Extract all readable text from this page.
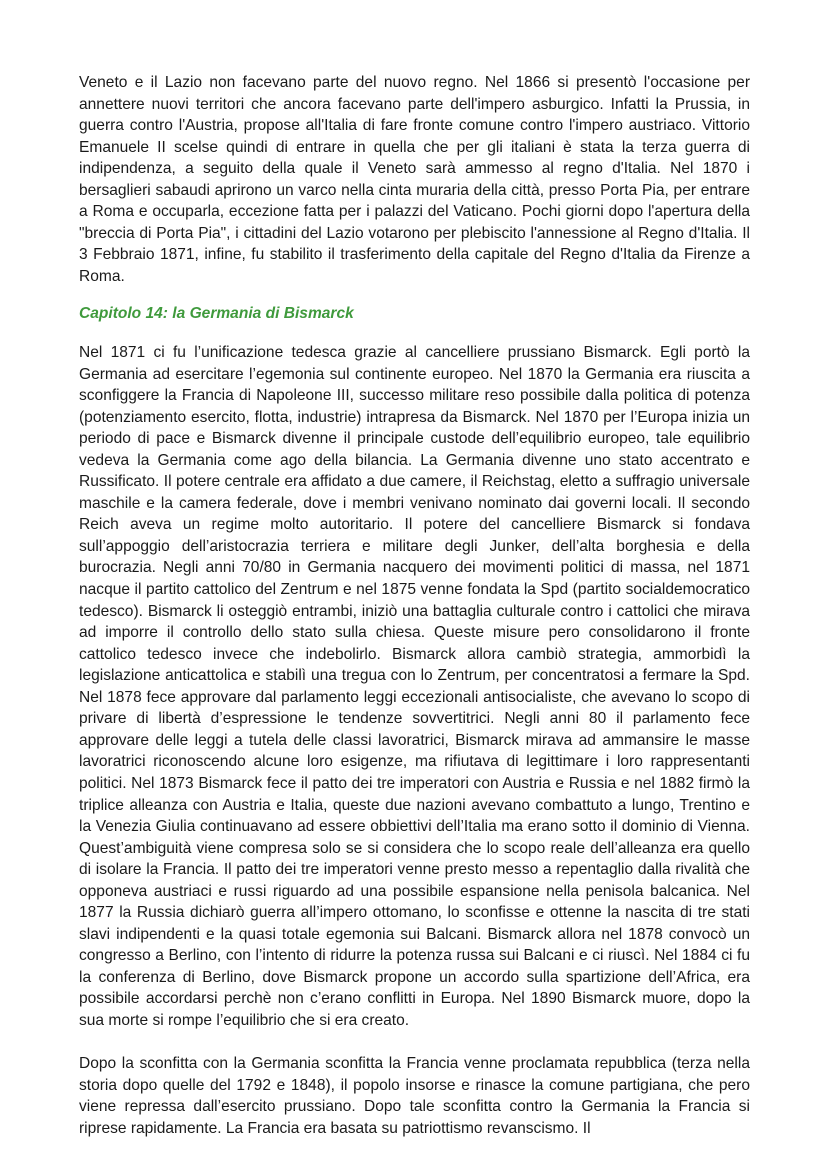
Veneto e il Lazio non facevano parte del nuovo regno. Nel 1866 si presentò l'occasione per annettere nuovi territori che ancora facevano parte dell'impero asburgico. Infatti la Prussia, in guerra contro l'Austria, propose all'Italia di fare fronte comune contro l'impero austriaco. Vittorio Emanuele II scelse quindi di entrare in quella che per gli italiani è stata la terza guerra di indipendenza, a seguito della quale il Veneto sarà ammesso al regno d'Italia. Nel 1870 i bersaglieri sabaudi aprirono un varco nella cinta muraria della città, presso Porta Pia, per entrare a Roma e occuparla, eccezione fatta per i palazzi del Vaticano. Pochi giorni dopo l'apertura della "breccia di Porta Pia", i cittadini del Lazio votarono per plebiscito l'annessione al Regno d'Italia. Il 3 Febbraio 1871, infine, fu stabilito il trasferimento della capitale del Regno d'Italia da Firenze a Roma.

Capitolo 14: la Germania di Bismarck

Nel 1871 ci fu l’unificazione tedesca grazie al cancelliere prussiano Bismarck. Egli portò la Germania ad esercitare l’egemonia sul continente europeo. Nel 1870 la Germania era riuscita a sconfiggere la Francia di Napoleone III, successo militare reso possibile dalla politica di potenza (potenziamento esercito, flotta, industrie) intrapresa da Bismarck. Nel 1870 per l’Europa inizia un periodo di pace e Bismarck divenne il principale custode dell’equilibrio europeo, tale equilibrio vedeva la Germania come ago della bilancia. La Germania divenne uno stato accentrato e Russificato. Il potere centrale era affidato a due camere, il Reichstag, eletto a suffragio universale maschile e la camera federale, dove i membri venivano nominato dai governi locali. Il secondo Reich aveva un regime molto autoritario. Il potere del cancelliere Bismarck si fondava sull’appoggio dell’aristocrazia terriera e militare degli Junker, dell’alta borghesia e della burocrazia. Negli anni 70/80 in Germania nacquero dei movimenti politici di massa, nel 1871 nacque il partito cattolico del Zentrum e nel 1875 venne fondata la Spd (partito socialdemocratico tedesco). Bismarck li osteggiò entrambi, iniziò una battaglia culturale contro i cattolici che mirava ad imporre il controllo dello stato sulla chiesa. Queste misure pero consolidarono il fronte cattolico tedesco invece che indebolirlo. Bismarck allora cambiò strategia, ammorbidì la legislazione anticattolica e stabilì una tregua con lo Zentrum, per concentratosi a fermare la Spd. Nel 1878 fece approvare dal parlamento leggi eccezionali antisocialiste, che avevano lo scopo di privare di libertà d’espressione le tendenze sovvertitrici. Negli anni 80 il parlamento fece approvare delle leggi a tutela delle classi lavoratrici, Bismarck mirava ad ammansire le masse lavoratrici riconoscendo alcune loro esigenze, ma rifiutava di legittimare i loro rappresentanti politici. Nel 1873 Bismarck fece il patto dei tre imperatori con Austria e Russia e nel 1882 firmò la triplice alleanza con Austria e Italia, queste due nazioni avevano combattuto a lungo, Trentino e la Venezia Giulia continuavano ad essere obbiettivi dell’Italia ma erano sotto il dominio di Vienna. Quest’ambiguità viene compresa solo se si considera che lo scopo reale dell’alleanza era quello di isolare la Francia. Il patto dei tre imperatori venne presto messo a repentaglio dalla rivalità che opponeva austriaci e russi riguardo ad una possibile espansione nella penisola balcanica. Nel 1877 la Russia dichiarò guerra all’impero ottomano, lo sconfisse e ottenne la nascita di tre stati slavi indipendenti e la quasi totale egemonia sui Balcani. Bismarck allora nel 1878 convocò un congresso a Berlino, con l’intento di ridurre la potenza russa sui Balcani e ci riuscì. Nel 1884 ci fu la conferenza di Berlino, dove Bismarck propone un accordo sulla spartizione dell’Africa, era possibile accordarsi perchè non c’erano conflitti in Europa. Nel 1890 Bismarck muore, dopo la sua morte si rompe l’equilibrio che si era creato.

Dopo la sconfitta con la Germania sconfitta la Francia venne proclamata repubblica (terza nella storia dopo quelle del 1792 e 1848), il popolo insorse e rinasce la comune partigiana, che pero viene repressa dall’esercito prussiano. Dopo tale sconfitta contro la Germania la Francia si riprese rapidamente. La Francia era basata su patriottismo revanscismo. Il
